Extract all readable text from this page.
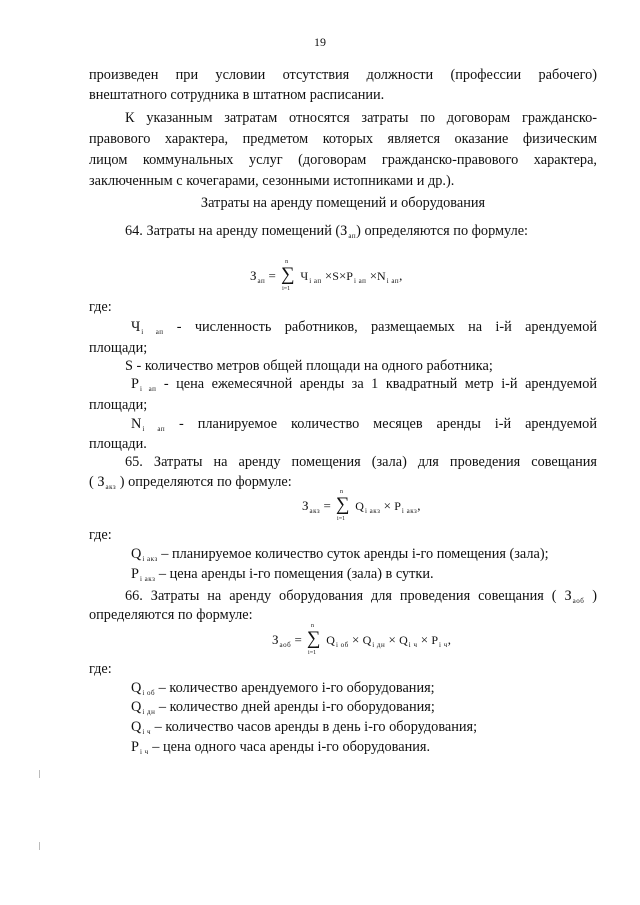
19
произведен при условии отсутствия должности (профессии рабочего)
внештатного сотрудника в штатном расписании.
К указанным затратам относятся затраты по договорам гражданско-
правового характера, предметом которых является оказание физическим
лицом коммунальных услуг (договорам гражданско-правового характера,
заключенным с кочегарами, сезонными истопниками и др.).
Затраты на аренду помещений и оборудования
64. Затраты на аренду помещений $(З_{ап})$ определяются по формуле:
$З_{ап}$ =
n
∑
i=1
$Ч_{i ап} \times S\times P_{i ап} \times N_{i ап}$,
где:
$Ч_{i ап}$ - численность работников, размещаемых на i-й арендуемой
площади;
S - количество метров общей площади на одного работника;
$P_{i ап}$ - цена ежемесячной аренды за 1 квадратный метр i-й арендуемой
площади;
$N_{i ап}$ - планируемое количество месяцев аренды i-й арендуемой
площади.
65. Затраты на аренду помещения (зала) для проведения совещания
( $З_{акз}$ ) определяются по формуле:
$З_{акз}$ =
n
∑
i=1
$Q_{i акз} \times P_{i акз}$,
где:
$Q_{i акз}$ – планируемое количество суток аренды i-го помещения (зала);
$P_{i акз}$ – цена аренды i-го помещения (зала) в сутки.
66. Затраты на аренду оборудования для проведения совещания ( $З_{аоб}$ )
определяются по формуле:
$З_{аоб}$ =
n
∑
i=1
$Q_{i об} \times Q_{i дн} \times Q_{i ч} \times P_{i ч}$,
где:
$Q_{i об}$ – количество арендуемого i-го оборудования;
$Q_{i дн}$ – количество дней аренды i-го оборудования;
$Q_{i ч}$ – количество часов аренды в день i-го оборудования;
$P_{i ч}$ – цена одного часа аренды i-го оборудования.
